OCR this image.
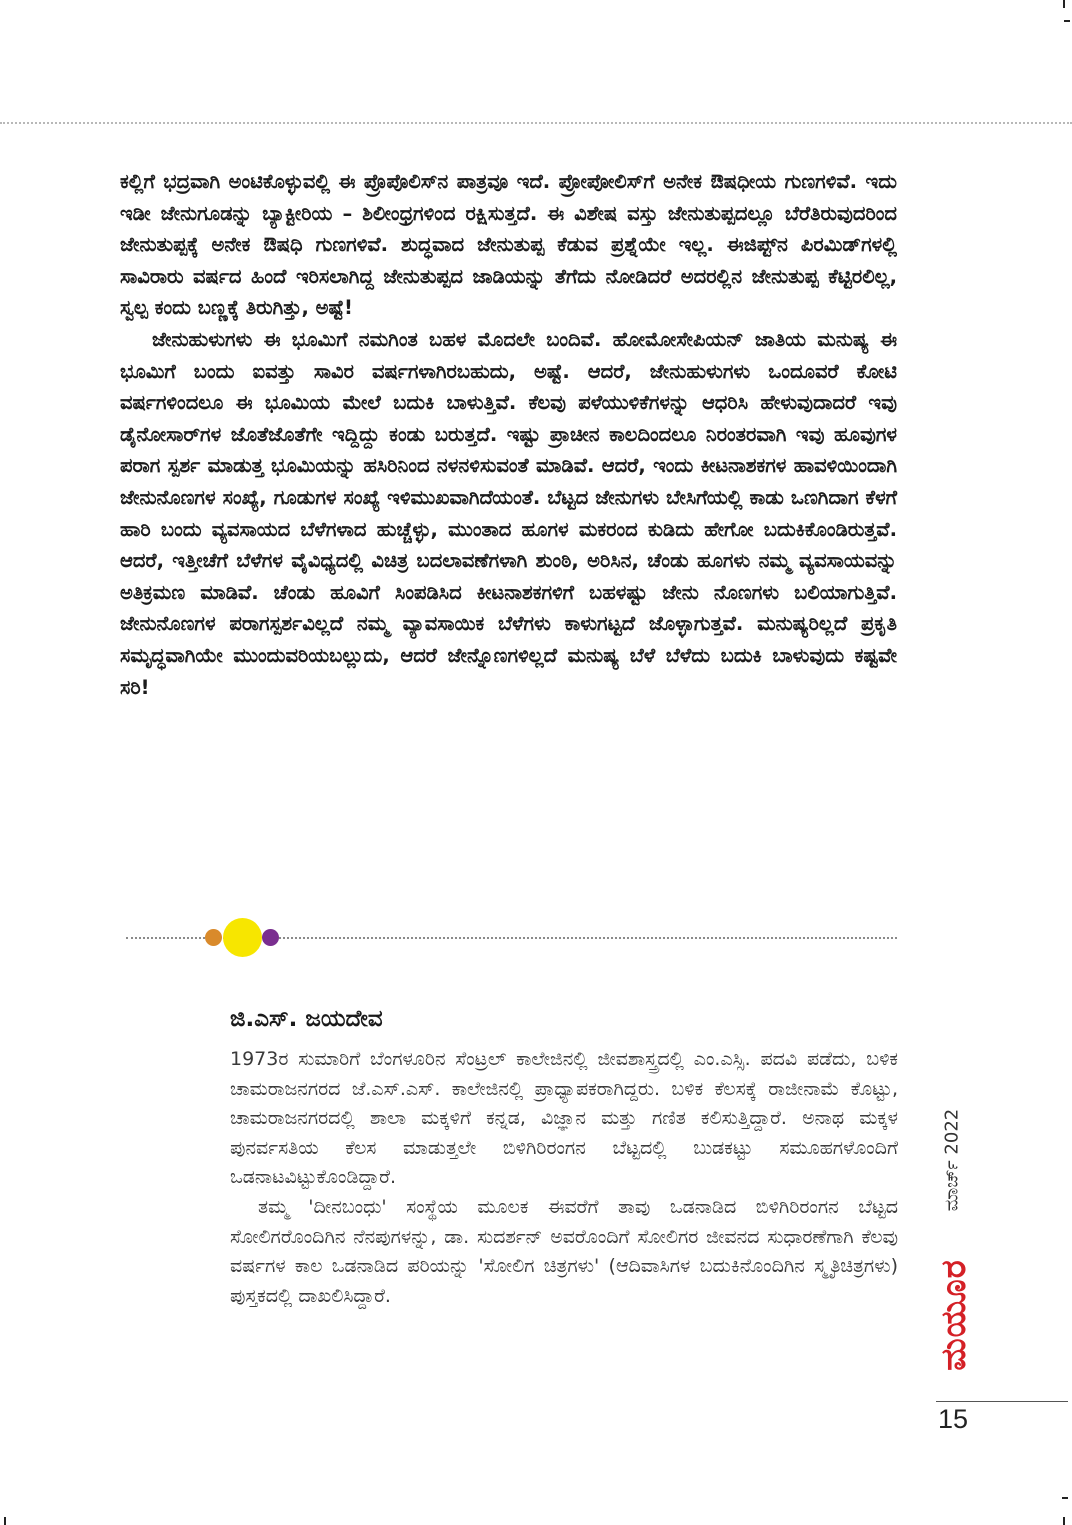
ಕಲ್ಲಿಗೆ ಭದ್ರವಾಗಿ ಅಂಟಿಕೊಳ್ಳುವಲ್ಲಿ ಈ ಪ್ರೊಪೊಲಿಸ್‌ನ ಪಾತ್ರವೂ ಇದೆ. ಪ್ರೋಪೋಲಿಸ್‌ಗೆ ಅನೇಕ ಔಷಧೀಯ ಗುಣಗಳಿವೆ. ಇದು ಇಡೀ ಜೇನುಗೂಡನ್ನು ಬ್ಯಾಕ್ಟೀರಿಯ – ಶಿಲೀಂಧ್ರಗಳಿಂದ ರಕ್ಷಿಸುತ್ತದೆ. ಈ ವಿಶೇಷ ವಸ್ತು ಜೇನುತುಪ್ಪದಲ್ಲೂ ಬೆರೆತಿರುವುದರಿಂದ ಜೇನುತುಪ್ಪಕ್ಕೆ ಅನೇಕ ಔಷಧಿ ಗುಣಗಳಿವೆ. ಶುದ್ಧವಾದ ಜೇನುತುಪ್ಪ ಕೆಡುವ ಪ್ರಶ್ನೆಯೇ ಇಲ್ಲ. ಈಜಿಪ್ಟ್‌ನ ಪಿರಮಿಡ್‌ಗಳಲ್ಲಿ ಸಾವಿರಾರು ವರ್ಷದ ಹಿಂದೆ ಇರಿಸಲಾಗಿದ್ದ ಜೇನುತುಪ್ಪದ ಜಾಡಿಯನ್ನು ತೆಗೆದು ನೋಡಿದರೆ ಅದರಲ್ಲಿನ ಜೇನುತುಪ್ಪ ಕೆಟ್ಟಿರಲಿಲ್ಲ, ಸ್ವಲ್ಪ ಕಂದು ಬಣ್ಣಕ್ಕೆ ತಿರುಗಿತ್ತು, ಅಷ್ಟೆ!

ಜೇನುಹುಳುಗಳು ಈ ಭೂಮಿಗೆ ನಮಗಿಂತ ಬಹಳ ಮೊದಲೇ ಬಂದಿವೆ. ಹೋಮೋಸೇಪಿಯನ್ ಜಾತಿಯ ಮನುಷ್ಯ ಈ ಭೂಮಿಗೆ ಬಂದು ಐವತ್ತು ಸಾವಿರ ವರ್ಷಗಳಾಗಿರಬಹುದು, ಅಷ್ಟೆ. ಆದರೆ, ಜೇನುಹುಳುಗಳು ಒಂದೂವರೆ ಕೋಟಿ ವರ್ಷಗಳಿಂದಲೂ ಈ ಭೂಮಿಯ ಮೇಲೆ ಬದುಕಿ ಬಾಳುತ್ತಿವೆ. ಕೆಲವು ಪಳೆಯುಳಿಕೆಗಳನ್ನು ಆಧರಿಸಿ ಹೇಳುವುದಾದರೆ ಇವು ಡೈನೋಸಾರ್‌ಗಳ ಜೊತೆಜೊತೆಗೇ ಇದ್ದಿದ್ದು ಕಂಡು ಬರುತ್ತದೆ. ಇಷ್ಟು ಪ್ರಾಚೀನ ಕಾಲದಿಂದಲೂ ನಿರಂತರವಾಗಿ ಇವು ಹೂವುಗಳ ಪರಾಗ ಸ್ಪರ್ಶ ಮಾಡುತ್ತ ಭೂಮಿಯನ್ನು ಹಸಿರಿನಿಂದ ನಳನಳಿಸುವಂತೆ ಮಾಡಿವೆ. ಆದರೆ, ಇಂದು ಕೀಟನಾಶಕಗಳ ಹಾವಳಿಯಿಂದಾಗಿ ಜೇನುನೊಣಗಳ ಸಂಖ್ಯೆ, ಗೂಡುಗಳ ಸಂಖ್ಯೆ ಇಳಿಮುಖವಾಗಿದೆಯಂತೆ. ಬೆಟ್ಟದ ಜೇನುಗಳು ಬೇಸಿಗೆಯಲ್ಲಿ ಕಾಡು ಒಣಗಿದಾಗ ಕೆಳಗೆ ಹಾರಿ ಬಂದು ವ್ಯವಸಾಯದ ಬೆಳೆಗಳಾದ ಹುಚ್ಚೆಳ್ಳು, ಮುಂತಾದ ಹೂಗಳ ಮಕರಂದ ಕುಡಿದು ಹೇಗೋ ಬದುಕಿಕೊಂಡಿರುತ್ತವೆ. ಆದರೆ, ಇತ್ತೀಚೆಗೆ ಬೆಳೆಗಳ ವೈವಿಧ್ಯದಲ್ಲಿ ವಿಚಿತ್ರ ಬದಲಾವಣೆಗಳಾಗಿ ಶುಂಠಿ, ಅರಿಸಿನ, ಚೆಂಡು ಹೂಗಳು ನಮ್ಮ ವ್ಯವಸಾಯವನ್ನು ಅತಿಕ್ರಮಣ ಮಾಡಿವೆ. ಚೆಂಡು ಹೂವಿಗೆ ಸಿಂಪಡಿಸಿದ ಕೀಟನಾಶಕಗಳಿಗೆ ಬಹಳಷ್ಟು ಜೇನು ನೊಣಗಳು ಬಲಿಯಾಗುತ್ತಿವೆ. ಜೇನುನೊಣಗಳ ಪರಾಗಸ್ಪರ್ಶವಿಲ್ಲದೆ ನಮ್ಮ ವ್ಯಾವಸಾಯಿಕ ಬೆಳೆಗಳು ಕಾಳುಗಟ್ಟದೆ ಜೊಳ್ಳಾಗುತ್ತವೆ. ಮನುಷ್ಯರಿಲ್ಲದೆ ಪ್ರಕೃತಿ ಸಮೃದ್ಧವಾಗಿಯೇ ಮುಂದುವರಿಯಬಲ್ಲುದು, ಆದರೆ ಜೇನ್ನೊಣಗಳಿಲ್ಲದೆ ಮನುಷ್ಯ ಬೆಳೆ ಬೆಳೆದು ಬದುಕಿ ಬಾಳುವುದು ಕಷ್ಟವೇ ಸರಿ!

ಜಿ.ಎಸ್. ಜಯದೇವ

1973ರ ಸುಮಾರಿಗೆ ಬೆಂಗಳೂರಿನ ಸೆಂಟ್ರಲ್ ಕಾಲೇಜಿನಲ್ಲಿ ಜೀವಶಾಸ್ತ್ರದಲ್ಲಿ ಎಂ.ಎಸ್ಸಿ. ಪದವಿ ಪಡೆದು, ಬಳಿಕ ಚಾಮರಾಜನಗರದ ಜೆ.ಎಸ್.ಎಸ್. ಕಾಲೇಜಿನಲ್ಲಿ ಪ್ರಾಧ್ಯಾಪಕರಾಗಿದ್ದರು. ಬಳಿಕ ಕೆಲಸಕ್ಕೆ ರಾಜೀನಾಮೆ ಕೊಟ್ಟು, ಚಾಮರಾಜನಗರದಲ್ಲಿ ಶಾಲಾ ಮಕ್ಕಳಿಗೆ ಕನ್ನಡ, ವಿಜ್ಞಾನ ಮತ್ತು ಗಣಿತ ಕಲಿಸುತ್ತಿದ್ದಾರೆ. ಅನಾಥ ಮಕ್ಕಳ ಪುನರ್ವಸತಿಯ ಕೆಲಸ ಮಾಡುತ್ತಲೇ ಬಿಳಿಗಿರಿರಂಗನ ಬೆಟ್ಟದಲ್ಲಿ ಬುಡಕಟ್ಟು ಸಮೂಹಗಳೊಂದಿಗೆ ಒಡನಾಟವಿಟ್ಟುಕೊಂಡಿದ್ದಾರೆ.

ತಮ್ಮ 'ದೀನಬಂಧು' ಸಂಸ್ಥೆಯ ಮೂಲಕ ಈವರೆಗೆ ತಾವು ಒಡನಾಡಿದ ಬಿಳಿಗಿರಿರಂಗನ ಬೆಟ್ಟದ ಸೋಲಿಗರೊಂದಿಗಿನ ನೆನಪುಗಳನ್ನು, ಡಾ. ಸುದರ್ಶನ್ ಅವರೊಂದಿಗೆ ಸೋಲಿಗರ ಜೀವನದ ಸುಧಾರಣೆಗಾಗಿ ಕೆಲವು ವರ್ಷಗಳ ಕಾಲ ಒಡನಾಡಿದ ಪರಿಯನ್ನು 'ಸೋಲಿಗ ಚಿತ್ರಗಳು' (ಆದಿವಾಸಿಗಳ ಬದುಕಿನೊಂದಿಗಿನ ಸ್ಮೃತಿಚಿತ್ರಗಳು) ಪುಸ್ತಕದಲ್ಲಿ ದಾಖಲಿಸಿದ್ದಾರೆ.

ಮಾರ್ಚ್ 2022
ಮಯೂರ
15
